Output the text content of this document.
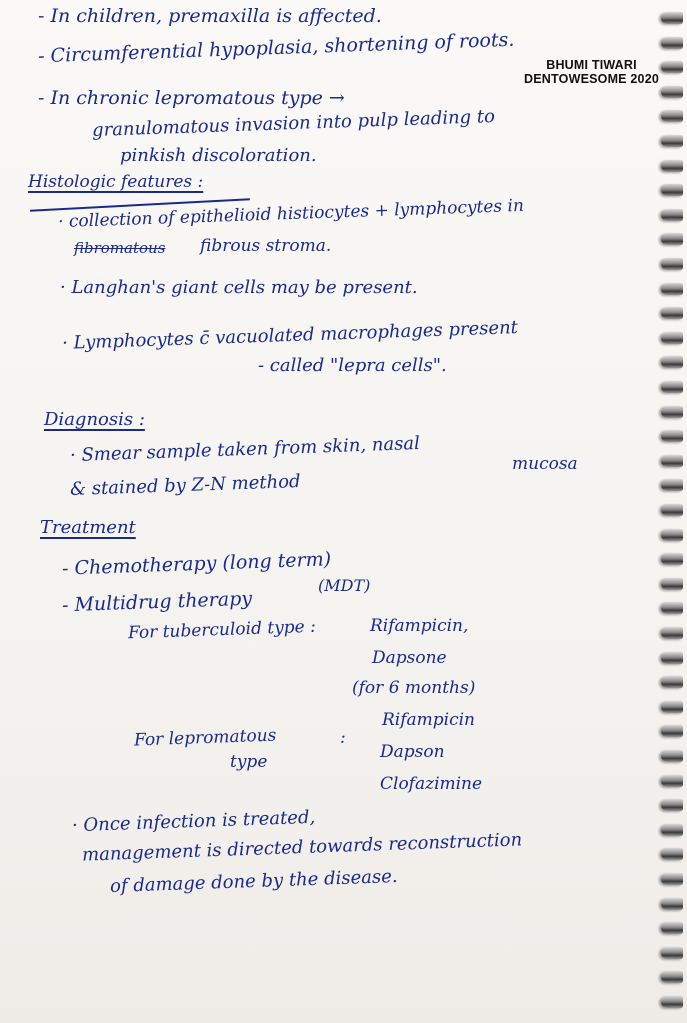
BHUMI TIWARI
DENTOWESOME 2020
- In children, premaxilla is affected.
- Circumferential hypoplasia, shortening of roots.
- In chronic lepromatous type →
granulomatous invasion into pulp leading to
pinkish discoloration.
Histologic features :
· collection of epithelioid histiocytes + lymphocytes in
fibromatous fibrous stroma.
· Langhan's giant cells may be present.
· Lymphocytes c̄ vacuolated macrophages present
- called "lepra cells".
Diagnosis :
· Smear sample taken from skin, nasal	mucosa
& stained by Z-N method
Treatment
- Chemotherapy (long term)
- Multidrug therapy
(MDT)
For tuberculoid type :	Rifampicin,
Dapsone
(for 6 months)
For lepromatous
type
:
Rifampicin
Dapson
Clofazimine
· Once infection is treated,
management is directed towards reconstruction
of damage done by the disease.
